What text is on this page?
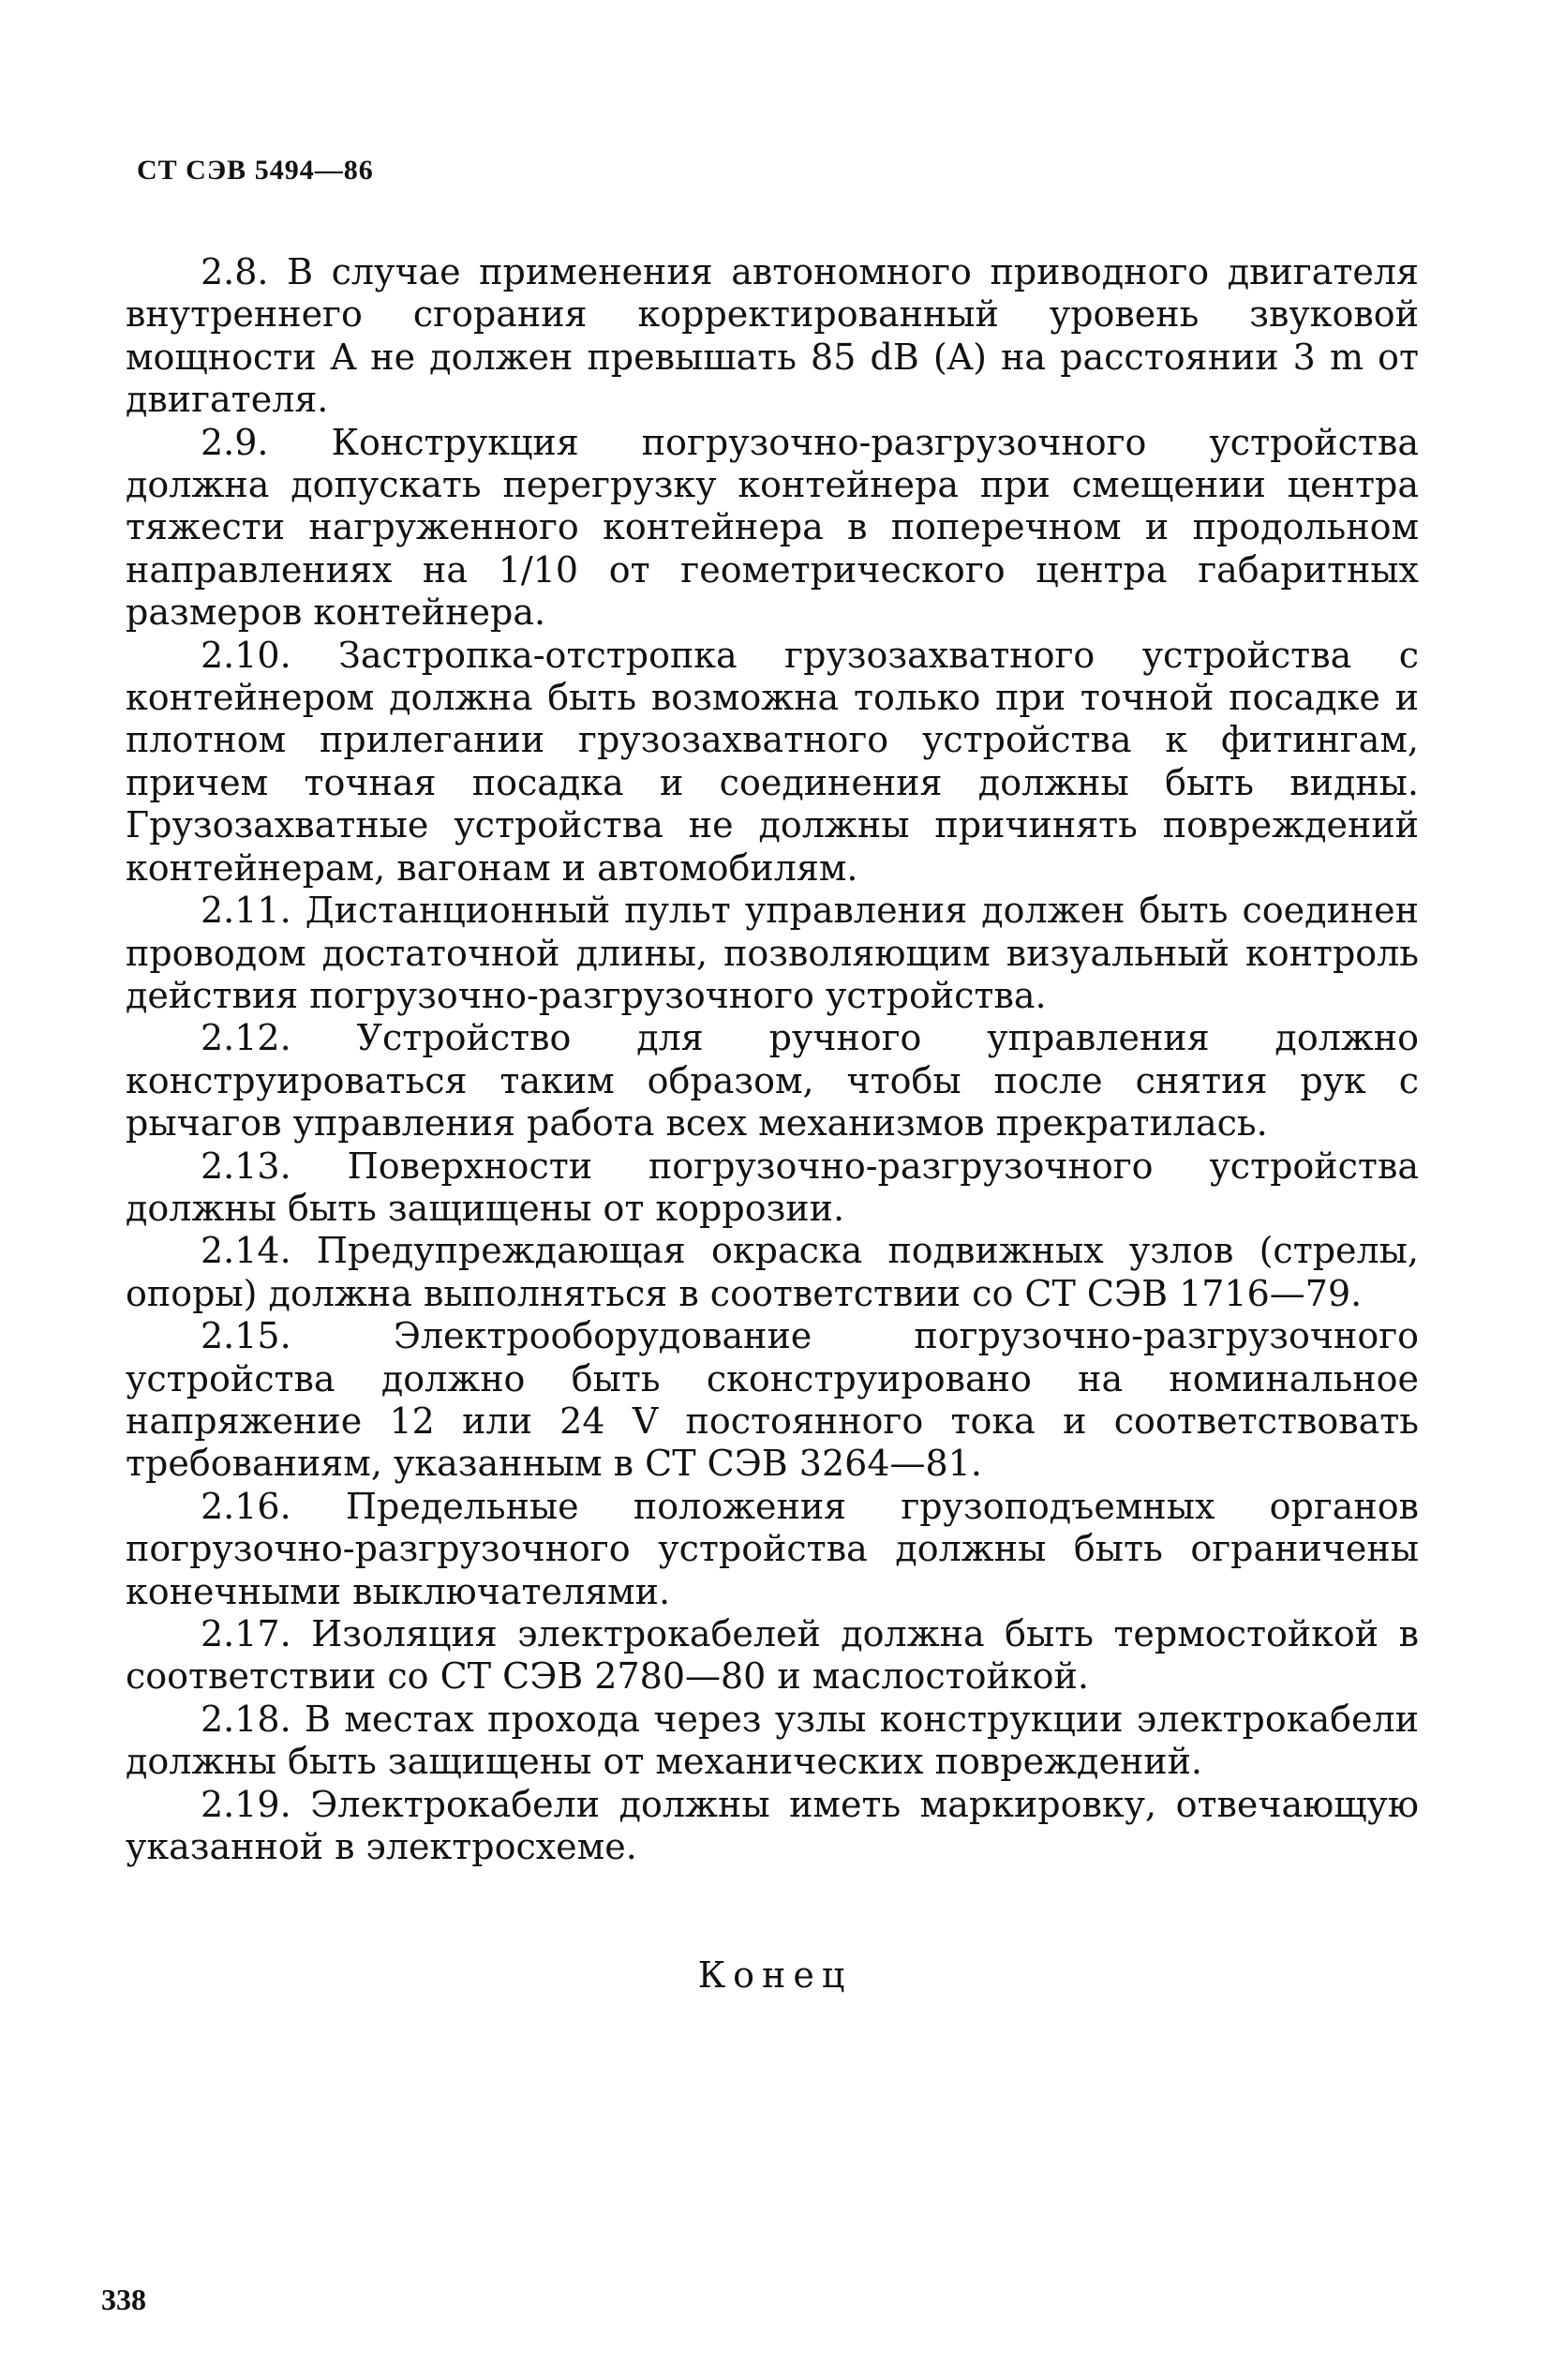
СТ СЭВ 5494—86

2.8. В случае применения автономного приводного двигателя внутреннего сгорания корректированный уровень звуковой мощности A не должен превышать 85 dB (A) на расстоянии 3 m от двигателя.

2.9. Конструкция погрузочно-разгрузочного устройства должна допускать перегрузку контейнера при смещении центра тяжести нагруженного контейнера в поперечном и продольном направлениях на 1/10 от геометрического центра габаритных размеров контейнера.

2.10. Застропка-отстропка грузозахватного устройства с контейнером должна быть возможна только при точной посадке и плотном прилегании грузозахватного устройства к фитингам, причем точная посадка и соединения должны быть видны. Грузозахватные устройства не должны причинять повреждений контейнерам, вагонам и автомобилям.

2.11. Дистанционный пульт управления должен быть соединен проводом достаточной длины, позволяющим визуальный контроль действия погрузочно-разгрузочного устройства.

2.12. Устройство для ручного управления должно конструироваться таким образом, чтобы после снятия рук с рычагов управления работа всех механизмов прекратилась.

2.13. Поверхности погрузочно-разгрузочного устройства должны быть защищены от коррозии.

2.14. Предупреждающая окраска подвижных узлов (стрелы, опоры) должна выполняться в соответствии со СТ СЭВ 1716—79.

2.15. Электрооборудование погрузочно-разгрузочного устройства должно быть сконструировано на номинальное напряжение 12 или 24 V постоянного тока и соответствовать требованиям, указанным в СТ СЭВ 3264—81.

2.16. Предельные положения грузоподъемных органов погрузочно-разгрузочного устройства должны быть ограничены конечными выключателями.

2.17. Изоляция электрокабелей должна быть термостойкой в соответствии со СТ СЭВ 2780—80 и маслостойкой.

2.18. В местах прохода через узлы конструкции электрокабели должны быть защищены от механических повреждений.

2.19. Электрокабели должны иметь маркировку, отвечающую указанной в электросхеме.

Конец
338
